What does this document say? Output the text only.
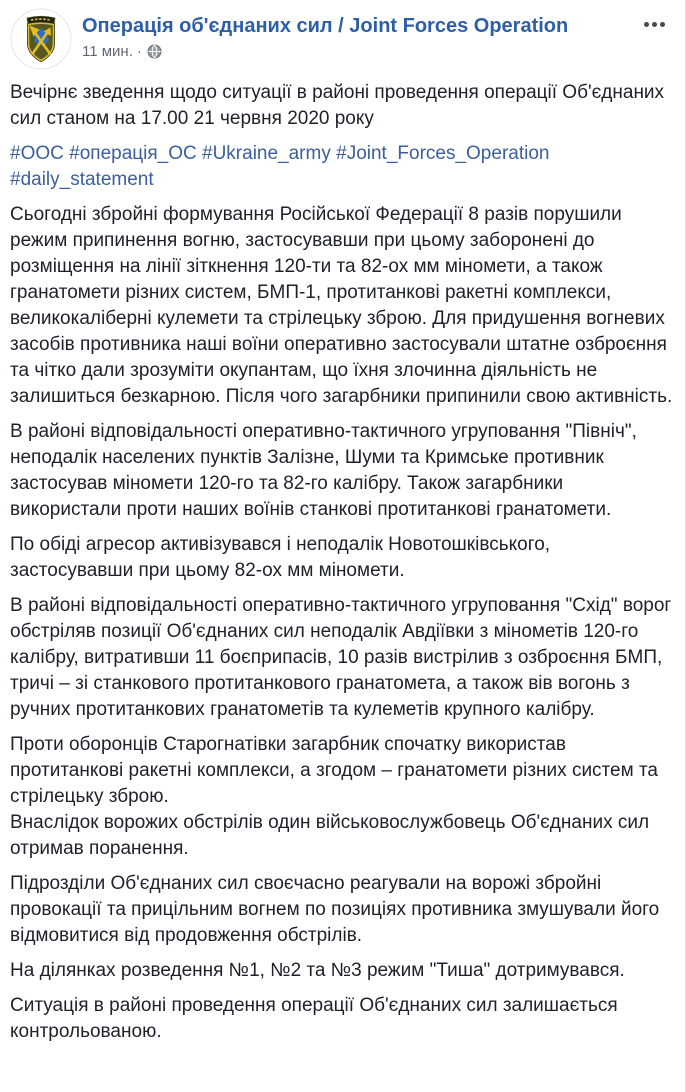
Операція об'єднаних сил / Joint Forces Operation
11 мин. ·

Вечірнє зведення щодо ситуації в районі проведення операції Об'єднаних сил станом на 17.00 21 червня 2020 року

#ООС #операція_ОС #Ukraine_army #Joint_Forces_Operation #daily_statement

Сьогодні збройні формування Російської Федерації 8 разів порушили режим припинення вогню, застосувавши при цьому заборонені до розміщення на лінії зіткнення 120-ти та 82-ох мм міномети, а також гранатомети різних систем, БМП-1, протитанкові ракетні комплекси, великокаліберні кулемети та стрілецьку зброю. Для придушення вогневих засобів противника наші воїни оперативно застосували штатне озброєння та чітко дали зрозуміти окупантам, що їхня злочинна діяльність не залишиться безкарною. Після чого загарбники припинили свою активність.

В районі відповідальності оперативно-тактичного угруповання "Північ", неподалік населених пунктів Залізне, Шуми та Кримське противник застосував міномети 120-го та 82-го калібру. Також загарбники використали проти наших воїнів станкові протитанкові гранатомети.

По обіді агресор активізувався і неподалік Новотошківського, застосувавши при цьому 82-ох мм міномети.

В районі відповідальності оперативно-тактичного угруповання "Схід" ворог обстріляв позиції Об'єднаних сил неподалік Авдіївки з мінометів 120-го калібру, витративши 11 боєприпасів, 10 разів вистрілив з озброєння БМП, тричі – зі станкового протитанкового гранатомета, а також вів вогонь з ручних протитанкових гранатометів та кулеметів крупного калібру.

Проти оборонців Старогнатівки загарбник спочатку використав протитанкові ракетні комплекси, а згодом – гранатомети різних систем та стрілецьку зброю.

Внаслідок ворожих обстрілів один військовослужбовець Об'єднаних сил отримав поранення.

Підрозділи Об'єднаних сил своєчасно реагували на ворожі збройні провокації та прицільним вогнем по позиціях противника змушували його відмовитися від продовження обстрілів.

На ділянках розведення №1, №2 та №3 режим "Тиша" дотримувався.

Ситуація в районі проведення операції Об'єднаних сил залишається контрольованою.
